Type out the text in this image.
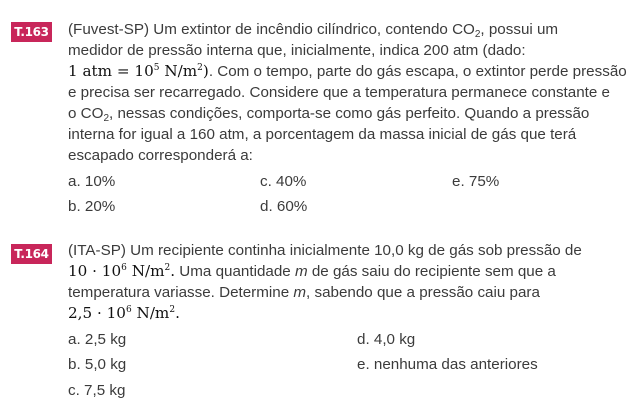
T.163 (Fuvest-SP) Um extintor de incêndio cilíndrico, contendo $CO_2$, possui um
medidor de pressão interna que, inicialmente, indica 200 atm (dado:
1 atm = $10^5$ $N/m^2$). Com o tempo, parte do gás escapa, o extintor perde pressão
e precisa ser recarregado. Considere que a temperatura permanece constante e
o $CO_2$, nessas condições, comporta-se como gás perfeito. Quando a pressão
interna for igual a 160 atm, a porcentagem da massa inicial de gás que terá
escapado corresponderá a:
a. 10%
b. 20%
c. 40%
d. 60%
e. 75%
T.164 (ITA-SP) Um recipiente continha inicialmente 10,0 kg de gás sob pressão de
$10 \cdot 10^6$ $N/m^2$. Uma quantidade m de gás saiu do recipiente sem que a
temperatura variasse. Determine m, sabendo que a pressão caiu para
$2,5 \cdot 10^6$ $N/m^2$.
a. 2,5 kg
b. 5,0 kg
c. 7,5 kg
d. 4,0 kg
e. nenhuma das anteriores
